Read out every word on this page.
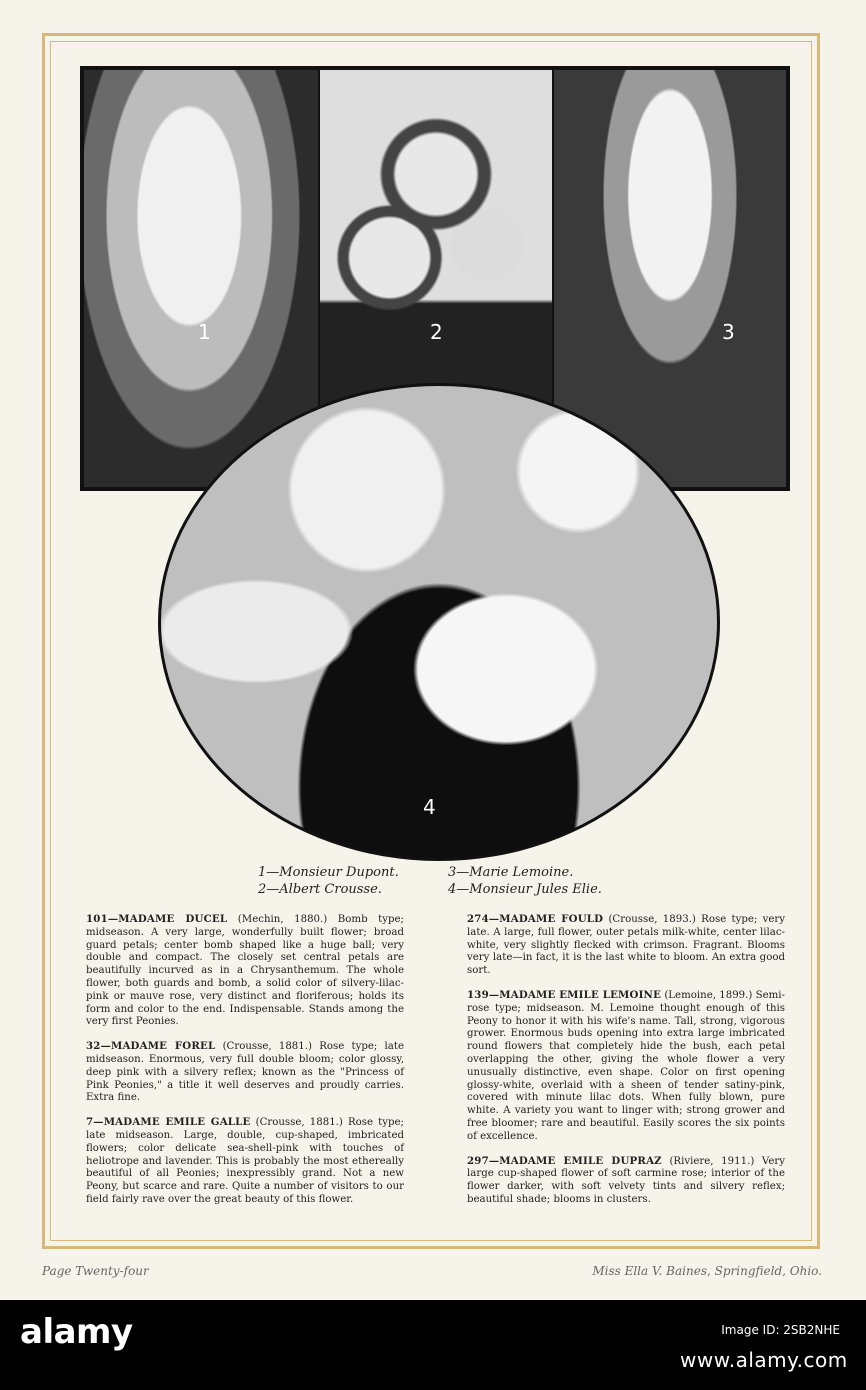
1	2	3
4
1—Monsieur Dupont.	3—Marie Lemoine.
2—Albert Crousse.	4—Monsieur Jules Elie.

101—MADAME DUCEL (Mechin, 1880.) Bomb type; midseason. A very large, wonderfully built flower; broad guard petals; center bomb shaped like a huge ball; very double and compact. The closely set central petals are beautifully incurved as in a Chrysanthemum. The whole flower, both guards and bomb, a solid color of silvery-lilac-pink or mauve rose, very distinct and floriferous; holds its form and color to the end. Indispensable. Stands among the very first Peonies.

32—MADAME FOREL (Crousse, 1881.) Rose type; late midseason. Enormous, very full double bloom; color glossy, deep pink with a silvery reflex; known as the "Princess of Pink Peonies," a title it well deserves and proudly carries. Extra fine.

7—MADAME EMILE GALLE (Crousse, 1881.) Rose type; late midseason. Large, double, cup-shaped, imbricated flowers; color delicate sea-shell-pink with touches of heliotrope and lavender. This is probably the most ethereally beautiful of all Peonies; inexpressibly grand. Not a new Peony, but scarce and rare. Quite a number of visitors to our field fairly rave over the great beauty of this flower.

274—MADAME FOULD (Crousse, 1893.) Rose type; very late. A large, full flower, outer petals milk-white, center lilac-white, very slightly flecked with crimson. Fragrant. Blooms very late—in fact, it is the last white to bloom. An extra good sort.

139—MADAME EMILE LEMOINE (Lemoine, 1899.) Semi-rose type; midseason. M. Lemoine thought enough of this Peony to honor it with his wife's name. Tall, strong, vigorous grower. Enormous buds opening into extra large imbricated round flowers that completely hide the bush, each petal overlapping the other, giving the whole flower a very unusually distinctive, even shape. Color on first opening glossy-white, overlaid with a sheen of tender satiny-pink, covered with minute lilac dots. When fully blown, pure white. A variety you want to linger with; strong grower and free bloomer; rare and beautiful. Easily scores the six points of excellence.

297—MADAME EMILE DUPRAZ (Riviere, 1911.) Very large cup-shaped flower of soft carmine rose; interior of the flower darker, with soft velvety tints and silvery reflex; beautiful shade; blooms in clusters.

Page Twenty-four	Miss Ella V. Baines, Springfield, Ohio.
alamy	Image ID: 2SB2NHE
www.alamy.com
